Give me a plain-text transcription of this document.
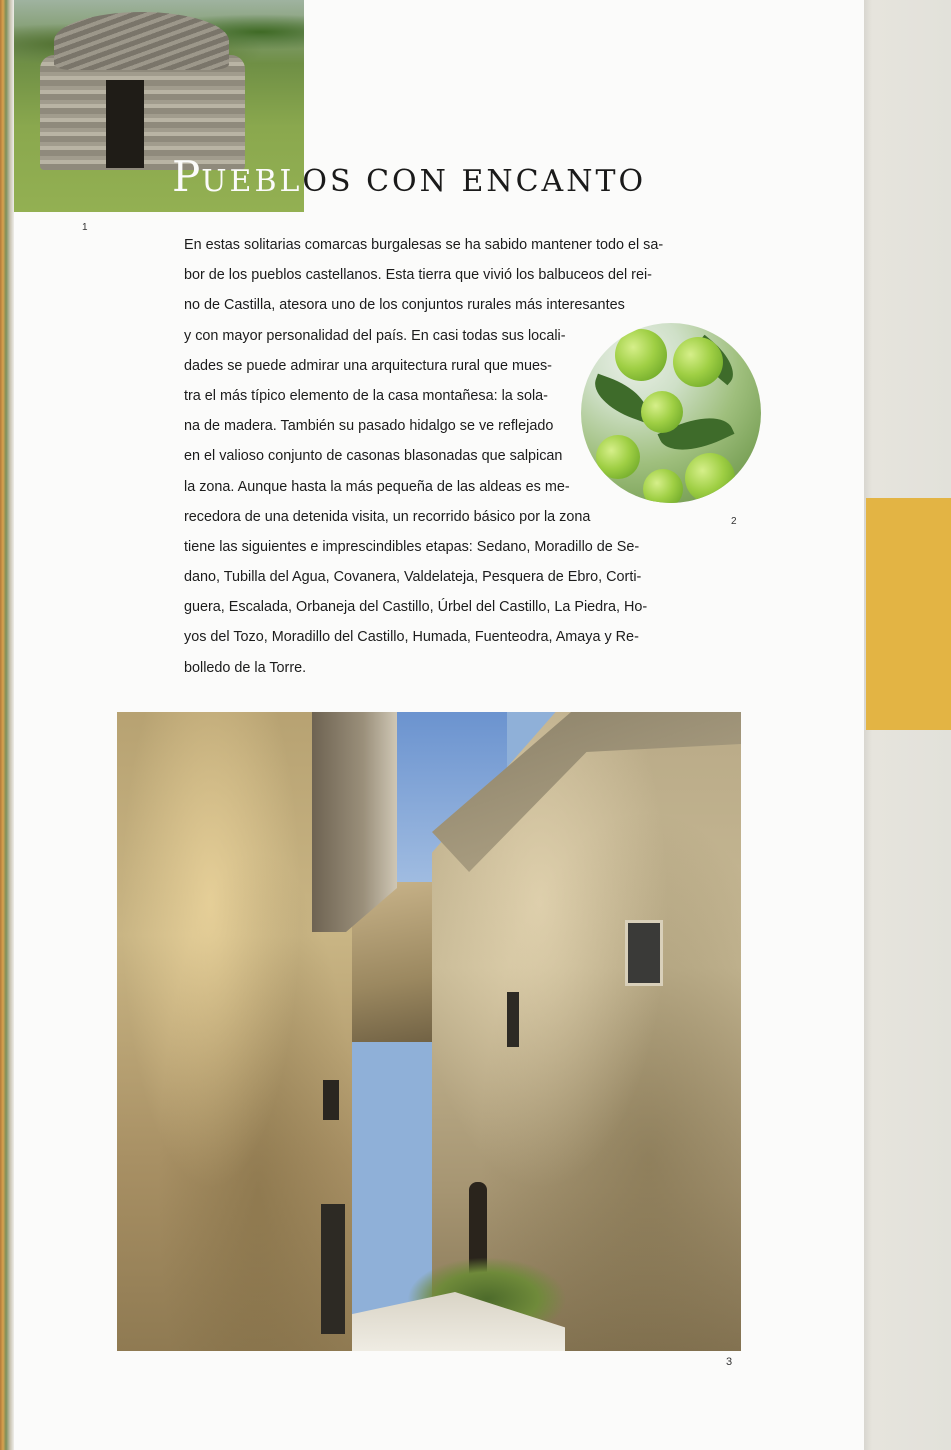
PUEBLOS CON ENCANTO
1
En estas solitarias comarcas burgalesas se ha sabido mantener todo el sa-
bor de los pueblos castellanos. Esta tierra que vivió los balbuceos del rei-
no de Castilla, atesora uno de los conjuntos rurales más interesantes
y con mayor personalidad del país. En casi todas sus locali-
dades se puede admirar una arquitectura rural que mues-
tra el más típico elemento de la casa montañesa: la sola-
na de madera. También su pasado hidalgo se ve reflejado
en el valioso conjunto de casonas blasonadas que salpican
la zona. Aunque hasta la más pequeña de las aldeas es me-
recedora de una detenida visita, un recorrido básico por la zona
tiene las siguientes e imprescindibles etapas: Sedano, Moradillo de Se-
dano, Tubilla del Agua, Covanera, Valdelateja, Pesquera de Ebro, Corti-
guera, Escalada, Orbaneja del Castillo, Úrbel del Castillo, La Piedra, Ho-
yos del Tozo, Moradillo del Castillo, Humada, Fuenteodra, Amaya y Re-
bolledo de la Torre.
2
3
